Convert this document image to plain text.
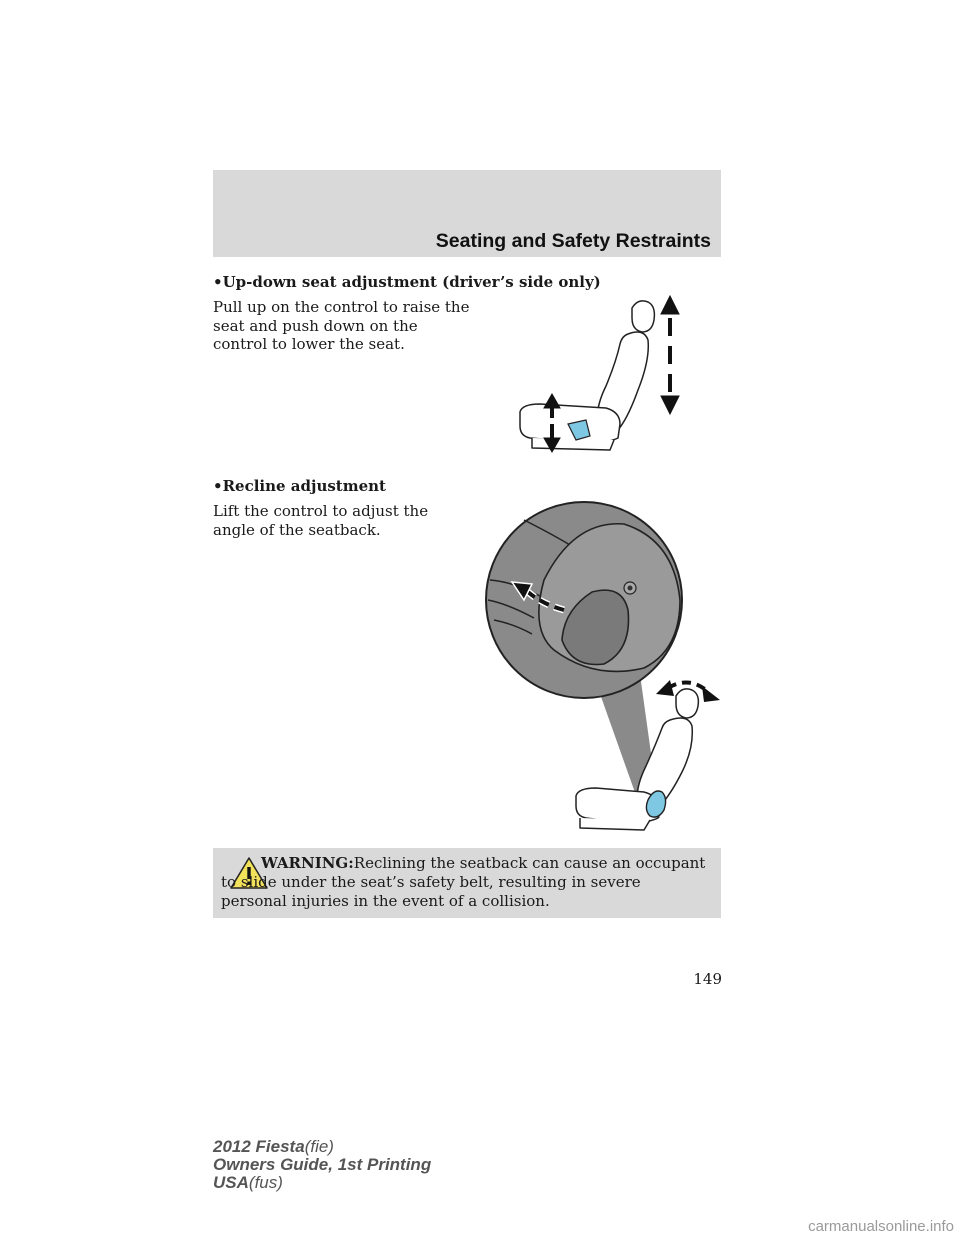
Seating and Safety Restraints
•Up-down seat adjustment (driver’s side only)
Pull up on the control to raise the seat and push down on the control to lower the seat.
•Recline adjustment
Lift the control to adjust the angle of the seatback.
WARNING:Reclining the seatback can cause an occupant to slide under the seat’s safety belt, resulting in severe personal injuries in the event of a collision.
149
2012 Fiesta(fie)
Owners Guide, 1st Printing
USA(fus)
carmanualsonline.info
